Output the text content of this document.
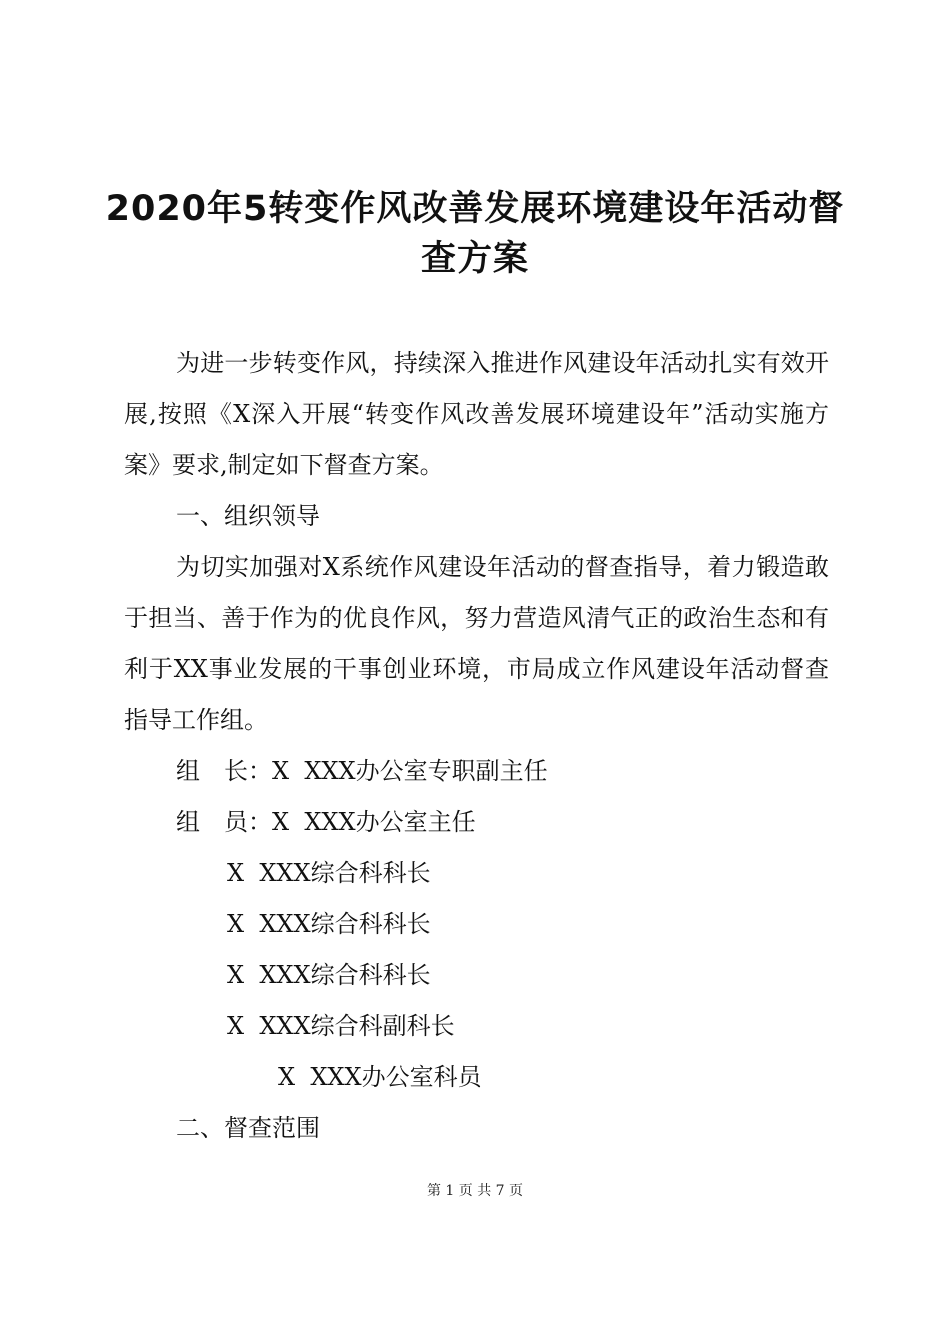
2020年5转变作风改善发展环境建设年活动督
查方案

为进一步转变作风，持续深入推进作风建设年活动扎实有效开展,按照《X深入开展“转变作风改善发展环境建设年”活动实施方案》要求,制定如下督查方案。

一、组织领导

为切实加强对X系统作风建设年活动的督查指导，着力锻造敢于担当、善于作为的优良作风，努力营造风清气正的政治生态和有利于XX事业发展的干事创业环境，市局成立作风建设年活动督查指导工作组。

组　长：X  XXX办公室专职副主任

组　员：X  XXX办公室主任

X  XXX综合科科长

X  XXX综合科科长

X  XXX综合科科长

X  XXX综合科副科长

X  XXX办公室科员

二、督查范围

第 1 页 共 7 页
